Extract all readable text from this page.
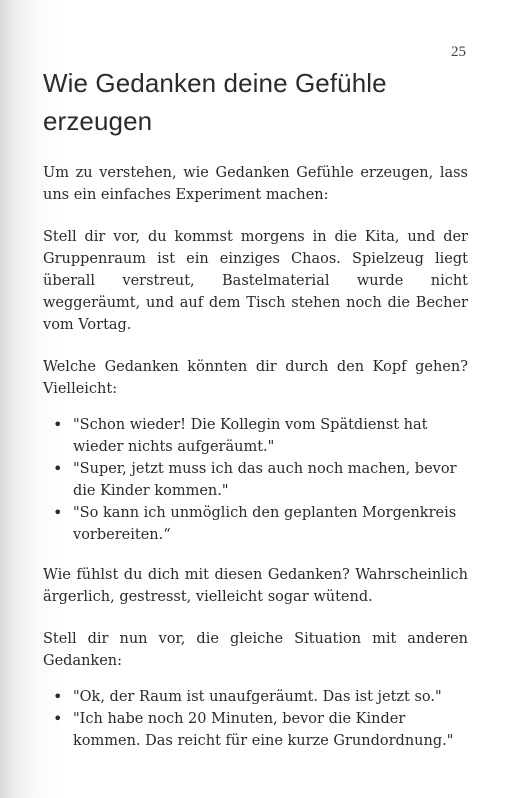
25
Wie Gedanken deine Gefühle erzeugen

Um zu verstehen, wie Gedanken Gefühle erzeugen, lass uns ein einfaches Experiment machen:

Stell dir vor, du kommst morgens in die Kita, und der Gruppenraum ist ein einziges Chaos. Spielzeug liegt überall verstreut, Bastelmaterial wurde nicht weggeräumt, und auf dem Tisch stehen noch die Becher vom Vortag.

Welche Gedanken könnten dir durch den Kopf gehen? Vielleicht:

• "Schon wieder! Die Kollegin vom Spätdienst hat wieder nichts aufgeräumt."
• "Super, jetzt muss ich das auch noch machen, bevor die Kinder kommen."
• "So kann ich unmöglich den geplanten Morgenkreis vorbereiten.“

Wie fühlst du dich mit diesen Gedanken? Wahrscheinlich ärgerlich, gestresst, vielleicht sogar wütend.

Stell dir nun vor, die gleiche Situation mit anderen Gedanken:

• "Ok, der Raum ist unaufgeräumt. Das ist jetzt so."
• "Ich habe noch 20 Minuten, bevor die Kinder kommen. Das reicht für eine kurze Grundordnung."
